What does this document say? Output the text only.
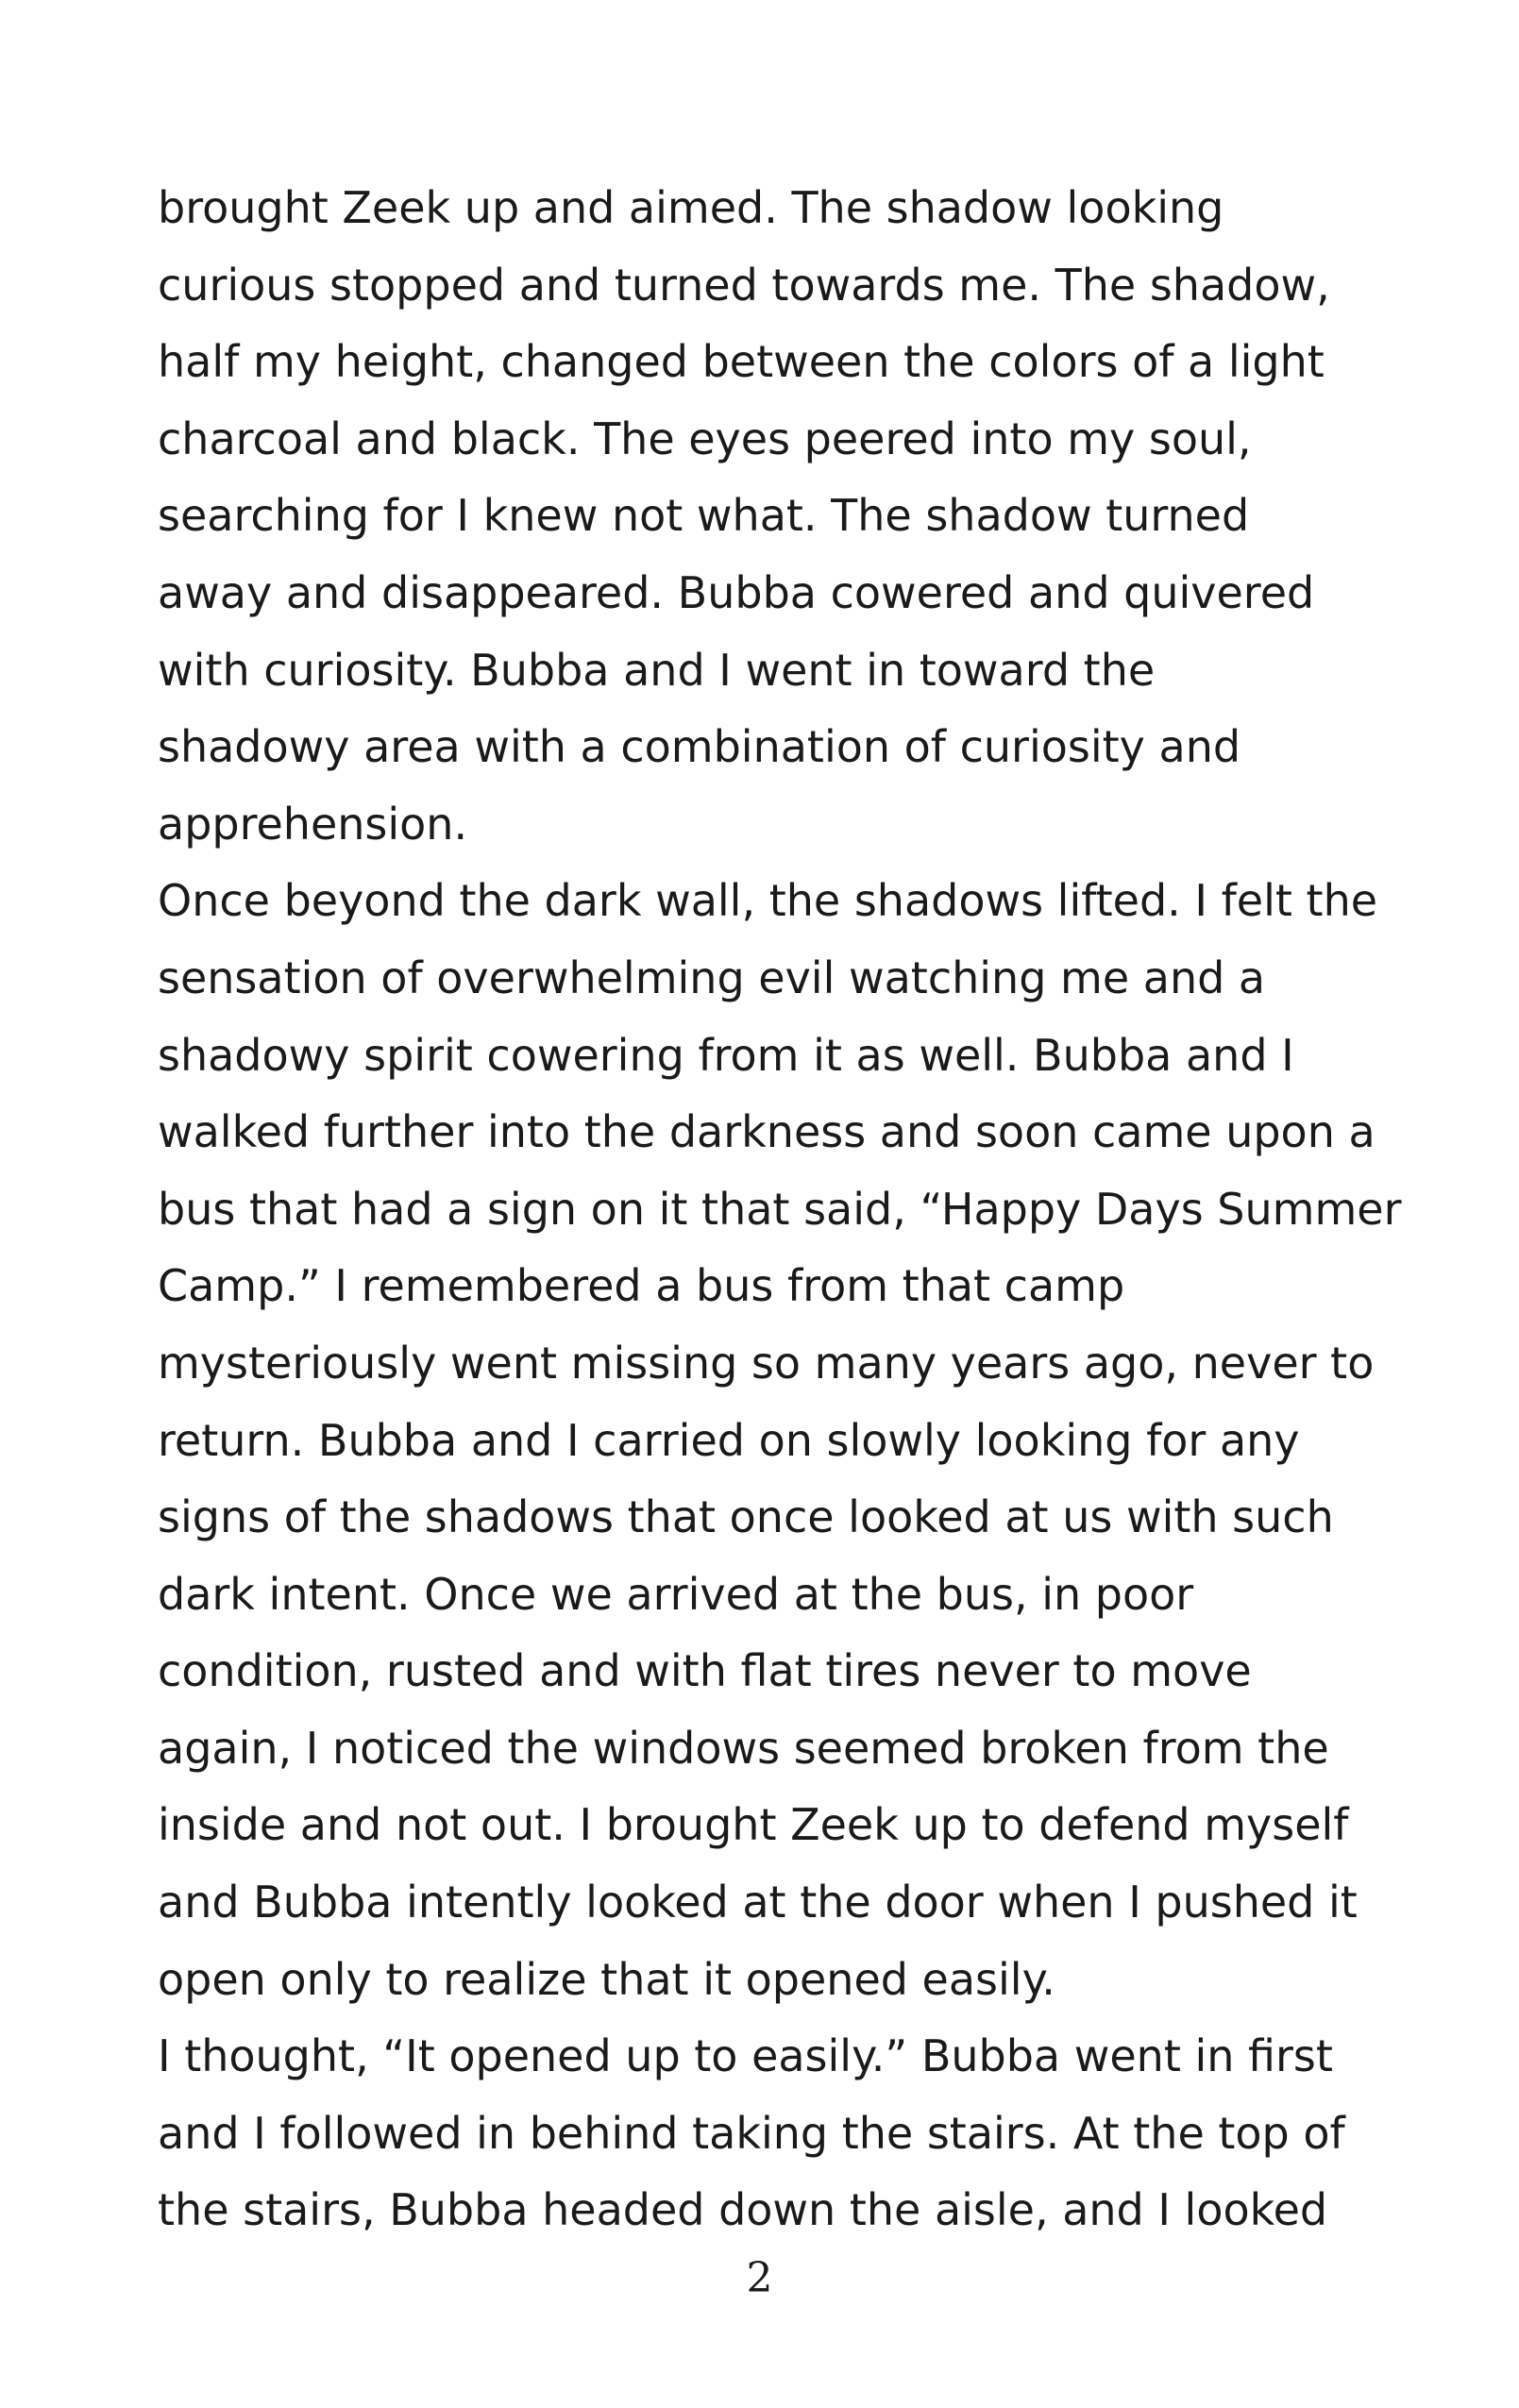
brought Zeek up and aimed. The shadow looking
curious stopped and turned towards me. The shadow,
half my height, changed between the colors of a light
charcoal and black. The eyes peered into my soul,
searching for I knew not what. The shadow turned
away and disappeared. Bubba cowered and quivered
with curiosity. Bubba and I went in toward the
shadowy area with a combination of curiosity and
apprehension.
Once beyond the dark wall, the shadows lifted. I felt the
sensation of overwhelming evil watching me and a
shadowy spirit cowering from it as well. Bubba and I
walked further into the darkness and soon came upon a
bus that had a sign on it that said, “Happy Days Summer
Camp.” I remembered a bus from that camp
mysteriously went missing so many years ago, never to
return. Bubba and I carried on slowly looking for any
signs of the shadows that once looked at us with such
dark intent. Once we arrived at the bus, in poor
condition, rusted and with flat tires never to move
again, I noticed the windows seemed broken from the
inside and not out. I brought Zeek up to defend myself
and Bubba intently looked at the door when I pushed it
open only to realize that it opened easily.
I thought, “It opened up to easily.” Bubba went in first
and I followed in behind taking the stairs. At the top of
the stairs, Bubba headed down the aisle, and I looked
2
